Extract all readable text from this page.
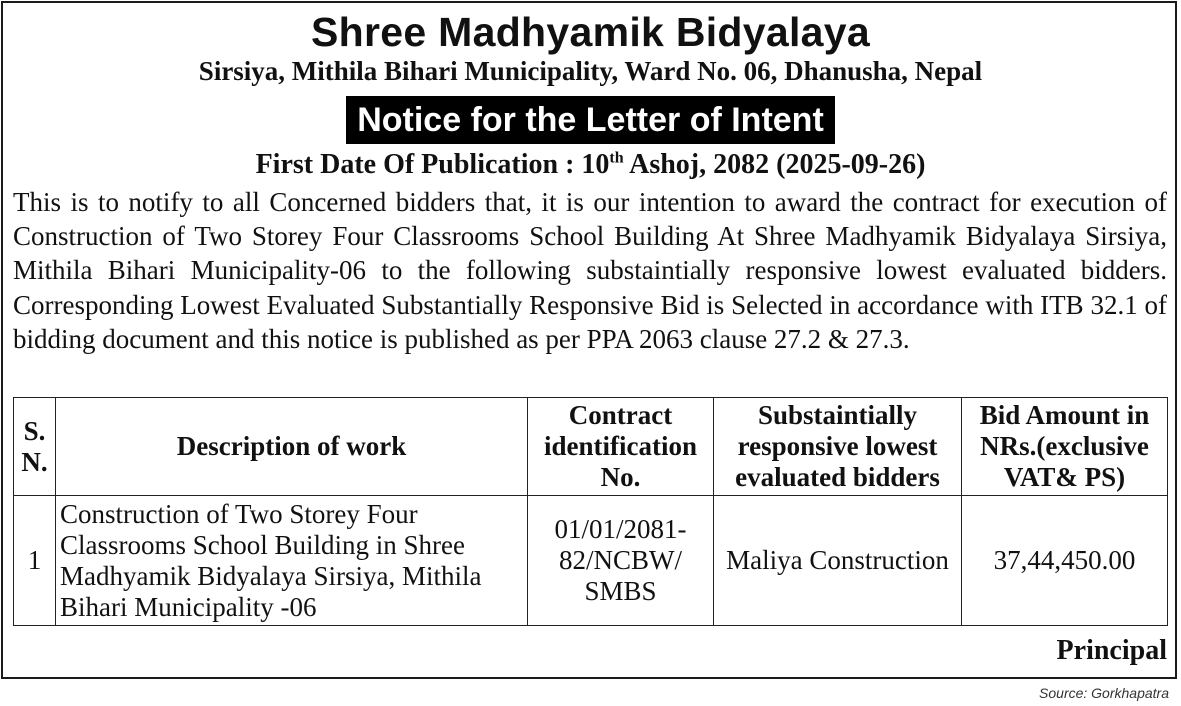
Shree Madhyamik Bidyalaya
Sirsiya, Mithila Bihari Municipality, Ward No. 06, Dhanusha, Nepal
Notice for the Letter of Intent
First Date Of Publication : 10th Ashoj, 2082 (2025-09-26)
This is to notify to all Concerned bidders that, it is our intention to award the contract for execution of Construction of Two Storey Four Classrooms School Building At Shree Madhyamik Bidyalaya Sirsiya, Mithila Bihari Municipality-06 to the following substaintially responsive lowest evaluated bidders. Corresponding Lowest Evaluated Substantially Responsive Bid is Selected in accordance with ITB 32.1 of bidding document and this notice is published as per PPA 2063 clause 27.2 & 27.3.
S. N.	Description of work	Contract identification No.	Substaintially responsive lowest evaluated bidders	Bid Amount in NRs.(exclusive VAT& PS)
1	Construction of Two Storey Four Classrooms School Building in Shree Madhyamik Bidyalaya Sirsiya, Mithila Bihari Municipality -06	01/01/2081-82/NCBW/ SMBS	Maliya Construction	37,44,450.00
Principal
Source: Gorkhapatra
